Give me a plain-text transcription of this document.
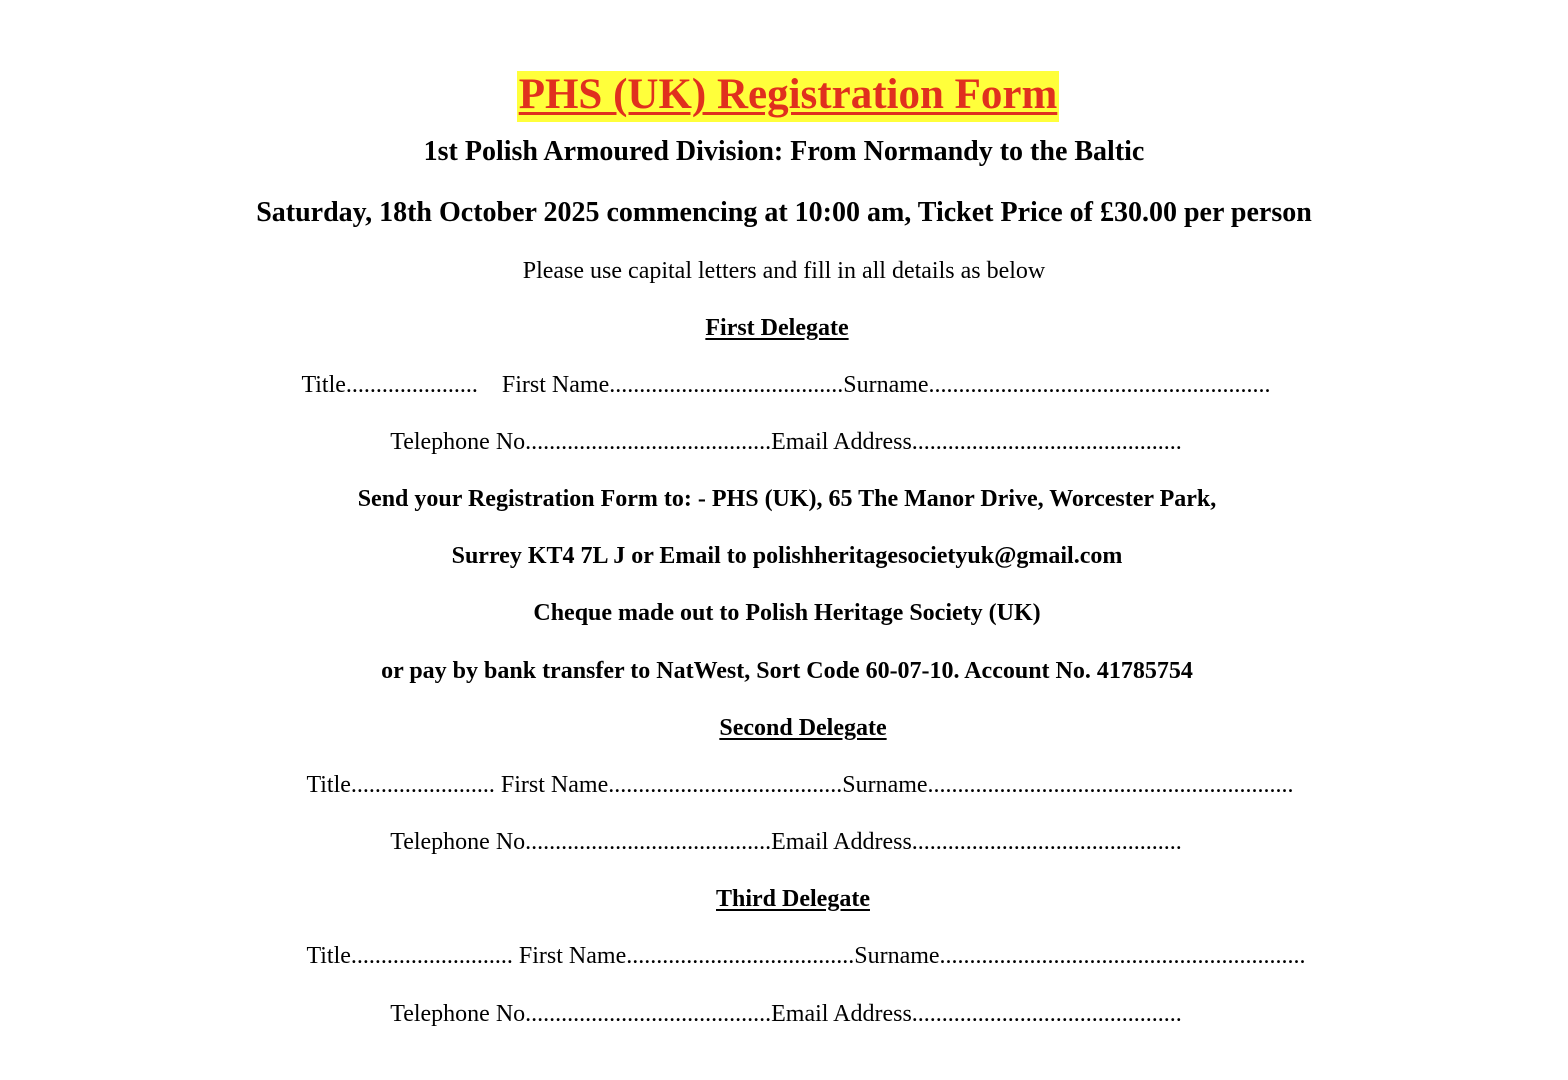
PHS (UK) Registration Form

1st Polish Armoured Division: From Normandy to the Baltic
Saturday, 18th October 2025 commencing at 10:00 am, Ticket Price of £30.00 per person
Please use capital letters and fill in all details as below
First Delegate
Title......................    First Name.......................................Surname.........................................................
Telephone No.........................................Email Address.............................................
Send your Registration Form to: - PHS (UK), 65 The Manor Drive, Worcester Park,
Surrey KT4 7L J or Email to polishheritagesocietyuk@gmail.com
Cheque made out to Polish Heritage Society (UK)
or pay by bank transfer to NatWest, Sort Code 60-07-10. Account No. 41785754
Second Delegate
Title........................ First Name.......................................Surname.............................................................
Telephone No.........................................Email Address.............................................
Third Delegate
Title........................... First Name......................................Surname.............................................................
Telephone No.........................................Email Address.............................................
